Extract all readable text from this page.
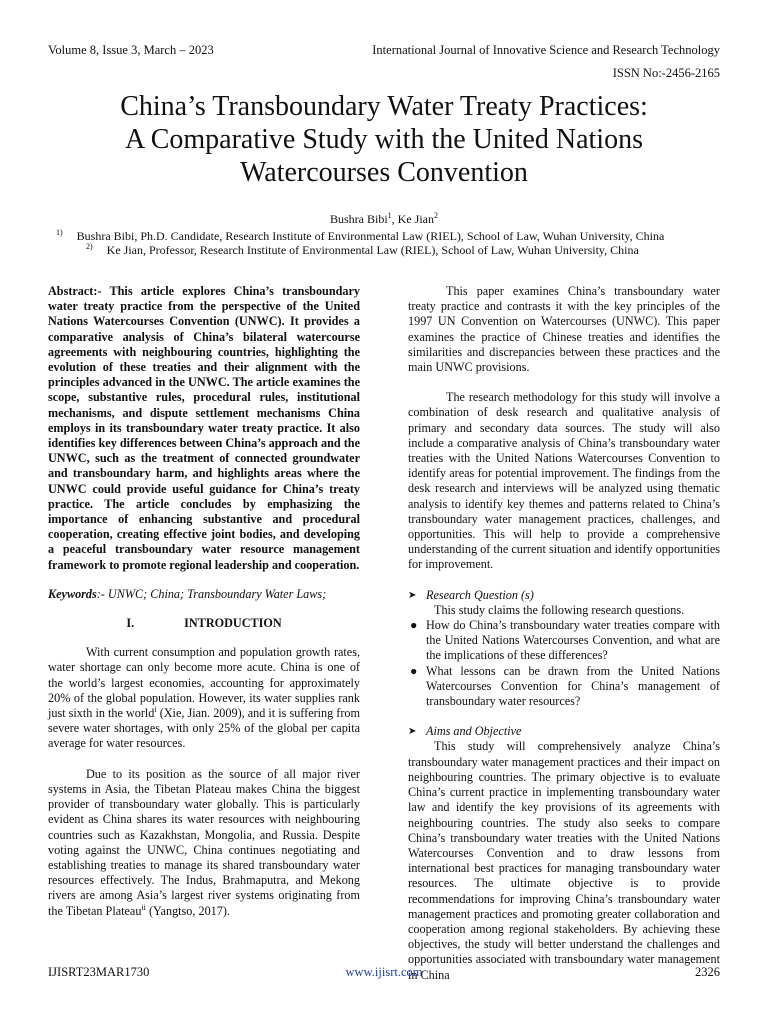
Volume 8, Issue 3, March – 2023	International Journal of Innovative Science and Research Technology
ISSN No:-2456-2165
China’s Transboundary Water Treaty Practices:
A Comparative Study with the United Nations
Watercourses Convention
Bushra Bibi$^1$, Ke Jian$^2$
$^{1)}$ Bushra Bibi, Ph.D. Candidate, Research Institute of Environmental Law (RIEL), School of Law, Wuhan University, China
$^{2)}$ Ke Jian, Professor, Research Institute of Environmental Law (RIEL), School of Law, Wuhan University, China

Abstract:- This article explores China’s transboundary water treaty practice from the perspective of the United Nations Watercourses Convention (UNWC). It provides a comparative analysis of China’s bilateral watercourse agreements with neighbouring countries, highlighting the evolution of these treaties and their alignment with the principles advanced in the UNWC. The article examines the scope, substantive rules, procedural rules, institutional mechanisms, and dispute settlement mechanisms China employs in its transboundary water treaty practice. It also identifies key differences between China’s approach and the UNWC, such as the treatment of connected groundwater and transboundary harm, and highlights areas where the UNWC could provide useful guidance for China’s treaty practice. The article concludes by emphasizing the importance of enhancing substantive and procedural cooperation, creating effective joint bodies, and developing a peaceful transboundary water resource management framework to promote regional leadership and cooperation.

Keywords:- UNWC; China; Transboundary Water Laws;

I.	INTRODUCTION

With current consumption and population growth rates, water shortage can only become more acute. China is one of the world’s largest economies, accounting for approximately 20% of the global population. However, its water supplies rank just sixth in the world$^i$ (Xie, Jian. 2009), and it is suffering from severe water shortages, with only 25% of the global per capita average for water resources.

Due to its position as the source of all major river systems in Asia, the Tibetan Plateau makes China the biggest provider of transboundary water globally. This is particularly evident as China shares its water resources with neighbouring countries such as Kazakhstan, Mongolia, and Russia. Despite voting against the UNWC, China continues negotiating and establishing treaties to manage its shared transboundary water resources effectively. The Indus, Brahmaputra, and Mekong rivers are among Asia’s largest river systems originating from the Tibetan Plateau$^{ii}$ (Yangtso, 2017).

This paper examines China’s transboundary water treaty practice and contrasts it with the key principles of the 1997 UN Convention on Watercourses (UNWC). This paper examines the practice of Chinese treaties and identifies the similarities and discrepancies between these practices and the main UNWC provisions.

The research methodology for this study will involve a combination of desk research and qualitative analysis of primary and secondary data sources. The study will also include a comparative analysis of China’s transboundary water treaties with the United Nations Watercourses Convention to identify areas for potential improvement. The findings from the desk research and interviews will be analyzed using thematic analysis to identify key themes and patterns related to China’s transboundary water management practices, challenges, and opportunities. This will help to provide a comprehensive understanding of the current situation and identify opportunities for improvement.

➤ Research Question (s)

This study claims the following research questions.

● How do China’s transboundary water treaties compare with the United Nations Watercourses Convention, and what are the implications of these differences?
● What lessons can be drawn from the United Nations Watercourses Convention for China’s management of transboundary water resources?
➤ Aims and Objective

This study will comprehensively analyze China’s transboundary water management practices and their impact on neighbouring countries. The primary objective is to evaluate China’s current practice in implementing transboundary water law and identify the key provisions of its agreements with neighbouring countries. The study also seeks to compare China’s transboundary water treaties with the United Nations Watercourses Convention and to draw lessons from international best practices for managing transboundary water resources. The ultimate objective is to provide recommendations for improving China’s transboundary water management practices and promoting greater collaboration and cooperation among regional stakeholders. By achieving these objectives, the study will better understand the challenges and opportunities associated with transboundary water management in China

IJISRT23MAR1730	www.ijisrt.com	2326
